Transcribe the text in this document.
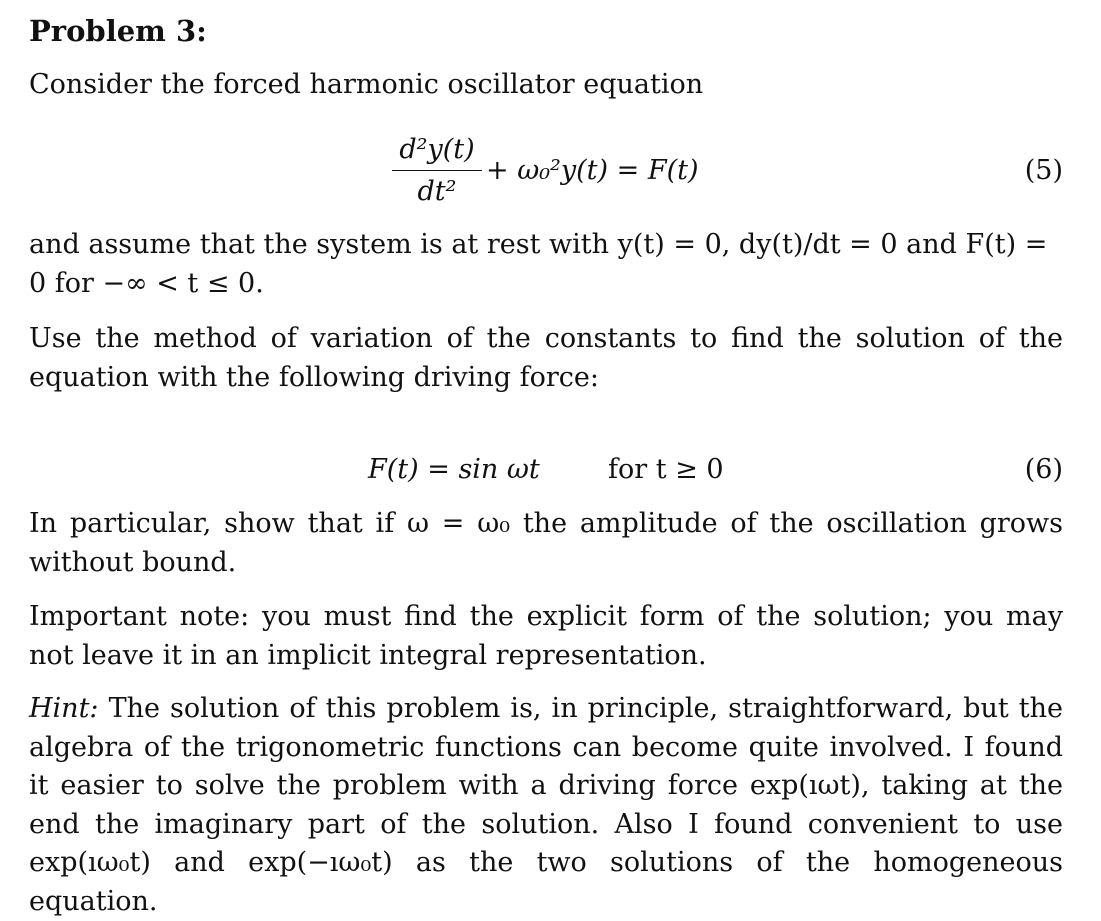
Problem 3:
Consider the forced harmonic oscillator equation
d²y(t)
dt²
+ ω₀²y(t) = F(t)	(5)
and assume that the system is at rest with y(t) = 0, dy(t)/dt = 0 and F(t) =
0 for −∞ < t ≤ 0.
Use the method of variation of the constants to find the solution of the equation with the following driving force:
F(t) = sin ωt	for t ≥ 0	(6)
In particular, show that if ω = ω₀ the amplitude of the oscillation grows without bound.
Important note: you must find the explicit form of the solution; you may not leave it in an implicit integral representation.
Hint: The solution of this problem is, in principle, straightforward, but the algebra of the trigonometric functions can become quite involved. I found it easier to solve the problem with a driving force exp(ıωt), taking at the end the imaginary part of the solution. Also I found convenient to use exp(ıω₀t) and exp(−ıω₀t) as the two solutions of the homogeneous equation.
